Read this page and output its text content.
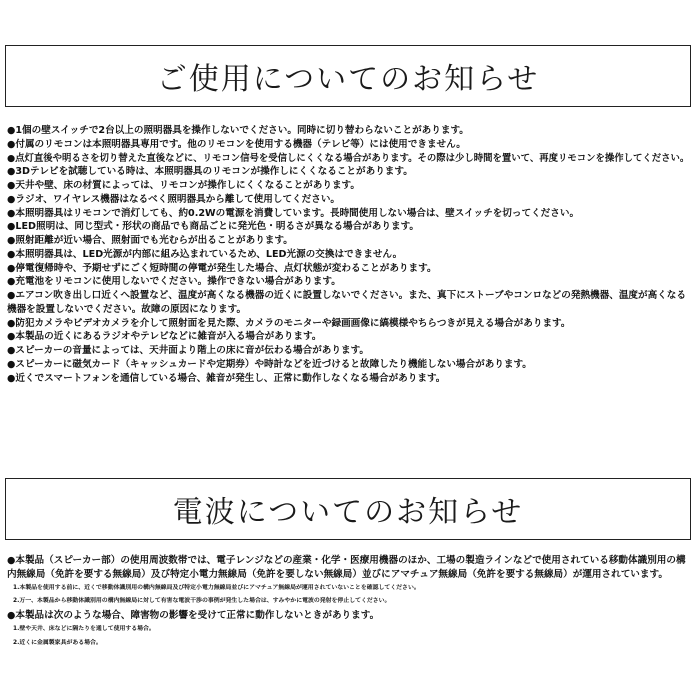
ご使用についてのお知らせ

●1個の壁スイッチで2台以上の照明器具を操作しないでください。同時に切り替わらないことがあります。

●付属のリモコンは本照明器具専用です。他のリモコンを使用する機器（テレビ等）には使用できません。

●点灯直後や明るさを切り替えた直後などに、リモコン信号を受信しにくくなる場合があります。その際は少し時間を置いて、再度リモコンを操作してください。

●3Dテレビを試聴している時は、本照明器具のリモコンが操作しにくくなることがあります。

●天井や壁、床の材質によっては、リモコンが操作しにくくなることがあります。

●ラジオ、ワイヤレス機器はなるべく照明器具から離して使用してください。

●本照明器具はリモコンで消灯しても、約0.2Wの電源を消費しています。長時間使用しない場合は、壁スイッチを切ってください。

●LED照明は、同じ型式・形状の商品でも商品ごとに発光色・明るさが異なる場合があります。

●照射距離が近い場合、照射面でも光むらが出ることがあります。

●本照明器具は、LED光源が内部に組み込まれているため、LED光源の交換はできません。

●停電復帰時や、予期せずにごく短時間の停電が発生した場合、点灯状態が変わることがあります。

●充電池をリモコンに使用しないでください。操作できない場合があります。

●エアコン吹き出し口近くへ設置など、温度が高くなる機器の近くに設置しないでください。また、真下にストーブやコンロなどの発熱機器、温度が高くなる機器を設置しないでください。故障の原因になります。

●防犯カメラやビデオカメラを介して照射面を見た際、カメラのモニターや録画画像に縞模様やちらつきが見える場合があります。

●本製品の近くにあるラジオやテレビなどに雑音が入る場合があります。

●スピーカーの音量によっては、天井面より階上の床に音が伝わる場合があります。

●スピーカーに磁気カード（キャッシュカードや定期券）や時計などを近づけると故障したり機能しない場合があります。

●近くでスマートフォンを通信している場合、雑音が発生し、正常に動作しなくなる場合があります。

電波についてのお知らせ

●本製品（スピーカー部）の使用周波数帯では、電子レンジなどの産業・化学・医療用機器のほか、工場の製造ラインなどで使用されている移動体識別用の構内無線局（免許を要する無線局）及び特定小電力無線局（免許を要しない無線局）並びにアマチュア無線局（免許を要する無線局）が運用されています。

1.本製品を使用する前に、近くで移動体識別用の構内無線局及び特定小電力無線局並びにアマチュア無線局が運用されていないことを確認してください。

2.万一、本製品から移動体識別用の構内無線局に対して有害な電波干渉の事例が発生した場合は、すみやかに電波の発射を停止してください。

●本製品は次のような場合、障害物の影響を受けて正常に動作しないときがあります。

1.壁や天井、床などに隔たりを通して使用する場合。

2.近くに金属製家具がある場合。
